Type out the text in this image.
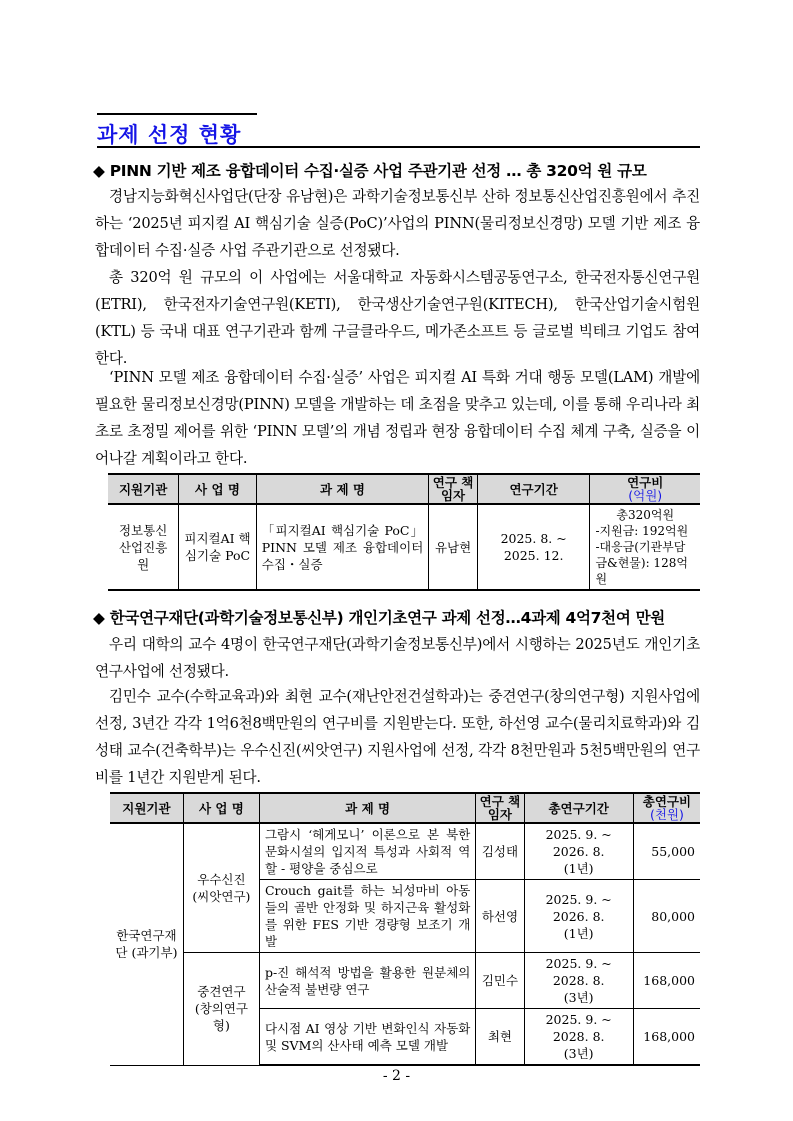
과제 선정 현황
◆ PINN 기반 제조 융합데이터 수집·실증 사업 주관기관 선정 … 총 320억 원 규모
경남지능화혁신사업단(단장 유남현)은 과학기술정보통신부 산하 정보통신산업진흥원에서 추진하는 ‘2025년 피지컬 AI 핵심기술 실증(PoC)’사업의 PINN(물리정보신경망) 모델 기반 제조 융합데이터 수집·실증 사업 주관기관으로 선정됐다.
총 320억 원 규모의 이 사업에는 서울대학교 자동화시스템공동연구소, 한국전자통신연구원(ETRI), 한국전자기술연구원(KETI), 한국생산기술연구원(KITECH), 한국산업기술시험원(KTL) 등 국내 대표 연구기관과 함께 구글클라우드, 메가존소프트 등 글로벌 빅테크 기업도 참여한다.
‘PINN 모델 제조 융합데이터 수집·실증’ 사업은 피지컬 AI 특화 거대 행동 모델(LAM) 개발에 필요한 물리정보신경망(PINN) 모델을 개발하는 데 초점을 맞추고 있는데, 이를 통해 우리나라 최초로 초정밀 제어를 위한 ‘PINN 모델’의 개념 정립과 현장 융합데이터 수집 체계 구축, 실증을 이어나갈 계획이라고 한다.
지원기관	사 업 명	과 제 명	연구 책임자	연구기간	연구비
(억원)
정보통신 산업진흥원	피지컬AI 핵심기술 PoC	「피지컬AI 핵심기술 PoC」 PINN 모델 제조 융합데이터 수집・실증	유남현	2025. 8. ~ 2025. 12.	총320억원
-지원금: 192억원
-대응금(기관부담금&현물): 128억원
◆ 한국연구재단(과학기술정보통신부) 개인기초연구 과제 선정…4과제 4억7천여 만원
우리 대학의 교수 4명이 한국연구재단(과학기술정보통신부)에서 시행하는 2025년도 개인기초연구사업에 선정됐다.
김민수 교수(수학교육과)와 최현 교수(재난안전건설학과)는 중견연구(창의연구형) 지원사업에 선정, 3년간 각각 1억6천8백만원의 연구비를 지원받는다. 또한, 하선영 교수(물리치료학과)와 김성태 교수(건축학부)는 우수신진(씨앗연구) 지원사업에 선정, 각각 8천만원과 5천5백만원의 연구비를 1년간 지원받게 된다.
지원기관	사 업 명	과 제 명	연구 책임자	총연구기간	총연구비
(천원)
한국연구재단 (과기부)	우수신진 (씨앗연구)	그람시 ‘헤게모니’ 이론으로 본 북한 문화시설의 입지적 특성과 사회적 역할 - 평양을 중심으로	김성태	2025. 9. ~ 2026. 8.
(1년)	55,000
		Crouch gait를 하는 뇌성마비 아동들의 골반 안정화 및 하지근육 활성화를 위한 FES 기반 경량형 보조기 개발	하선영	2025. 9. ~ 2026. 8.
(1년)	80,000
	중견연구 (창의연구형)	p-진 해석적 방법을 활용한 원분체의 산술적 불변량 연구	김민수	2025. 9. ~ 2028. 8.
(3년)	168,000
		다시점 AI 영상 기반 변화인식 자동화 및 SVM의 산사태 예측 모델 개발	최현	2025. 9. ~ 2028. 8.
(3년)	168,000
- 2 -
